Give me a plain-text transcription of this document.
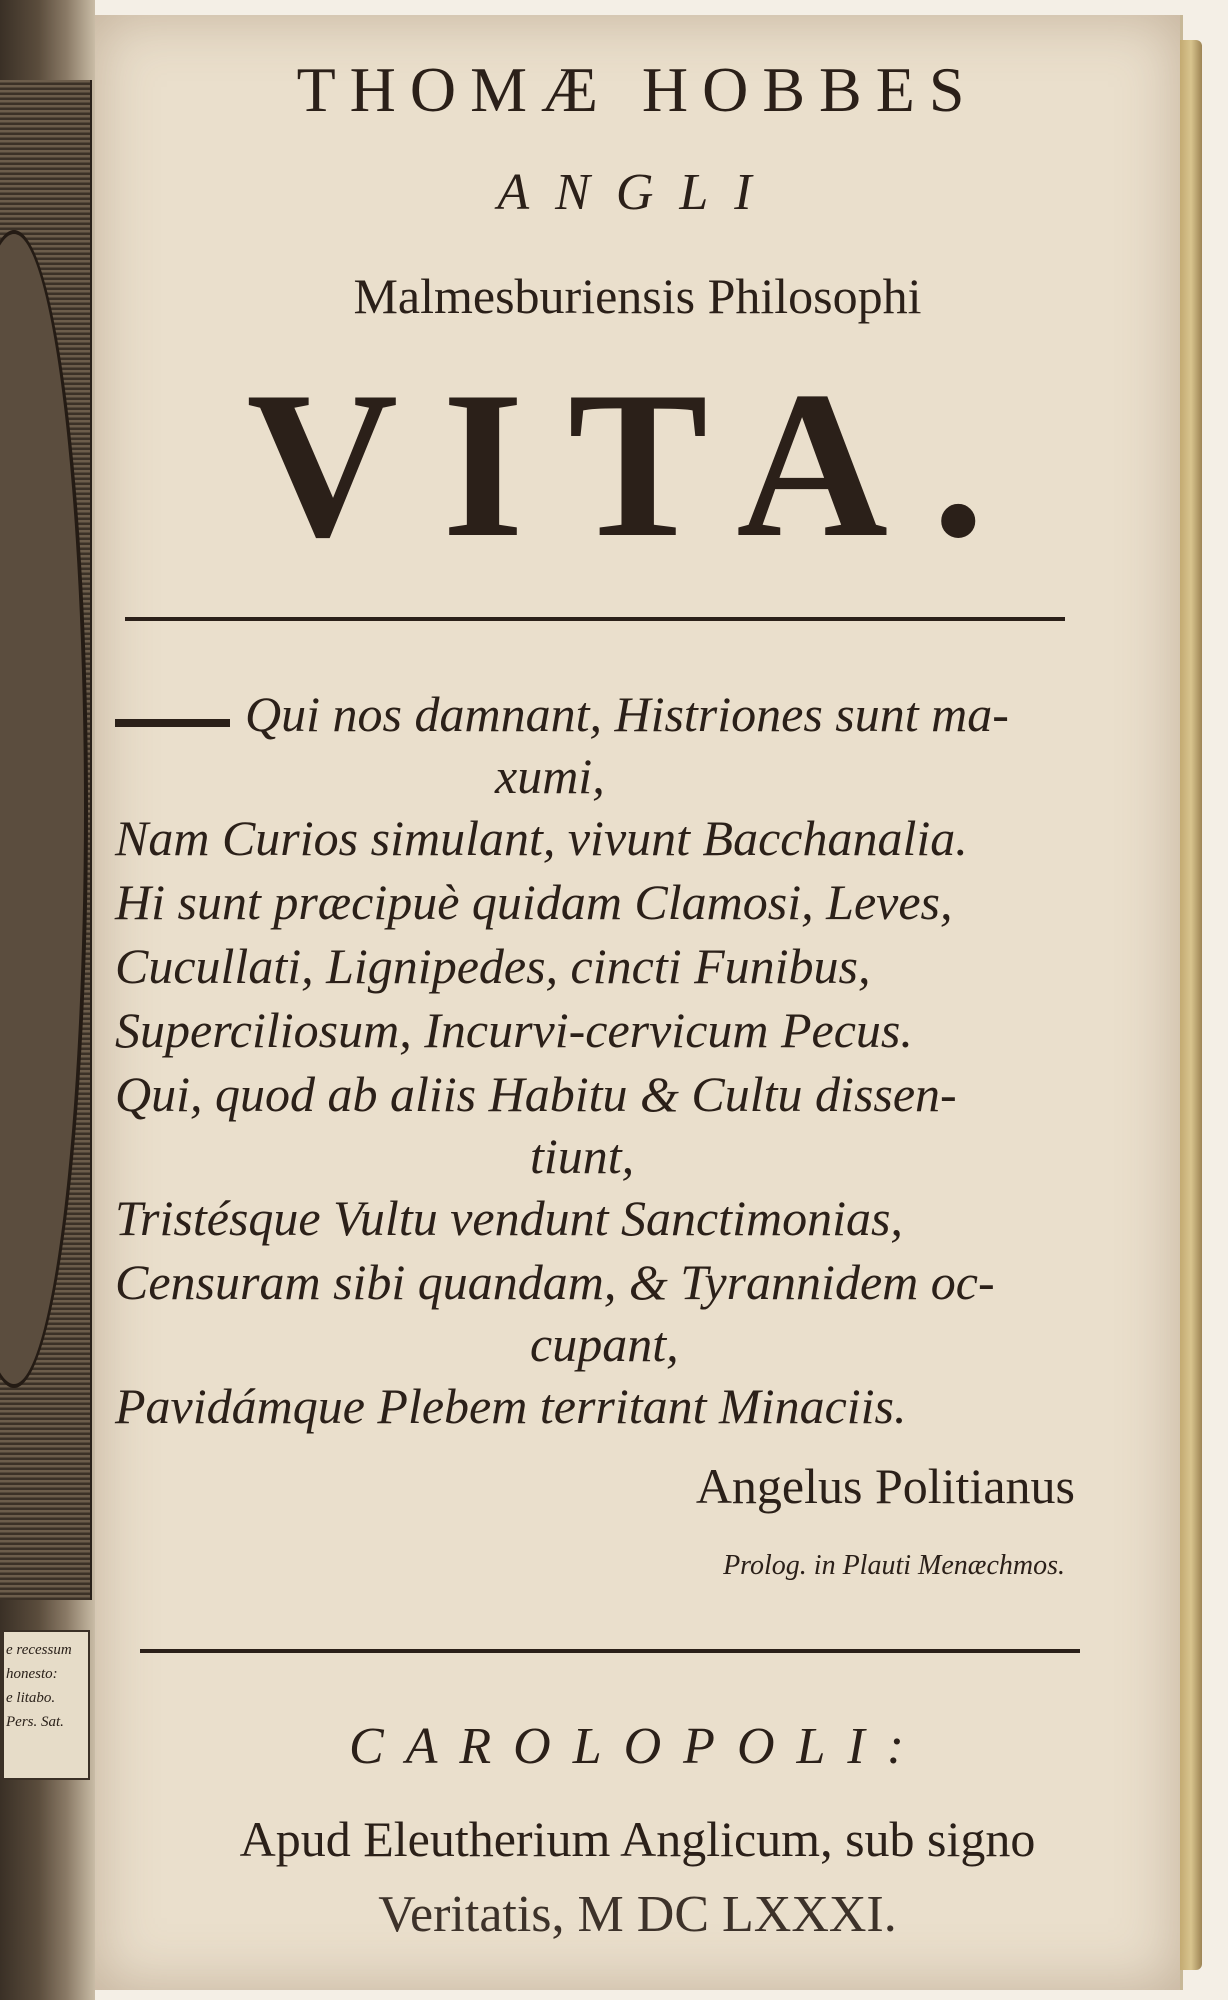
e recessum
honesto:
e litabo.
Pers. Sat.
THOMÆ HOBBES
ANGLI
Malmesburiensis Philosophi
VITA.
Qui nos damnant, Histriones sunt ma-
xumi,
Nam Curios simulant, vivunt Bacchanalia.
Hi sunt præcipuè quidam Clamosi, Leves,
Cucullati, Lignipedes, cincti Funibus,
Superciliosum, Incurvi-cervicum Pecus.
Qui, quod ab aliis Habitu & Cultu dissen-
tiunt,
Tristésque Vultu vendunt Sanctimonias,
Censuram sibi quandam, & Tyrannidem oc-
cupant,
Pavidámque Plebem territant Minaciis.
Angelus Politianus
Prolog. in Plauti Menæchmos.
CAROLOPOLI:
Apud Eleutherium Anglicum, sub signo
Veritatis, M DC LXXXI.
